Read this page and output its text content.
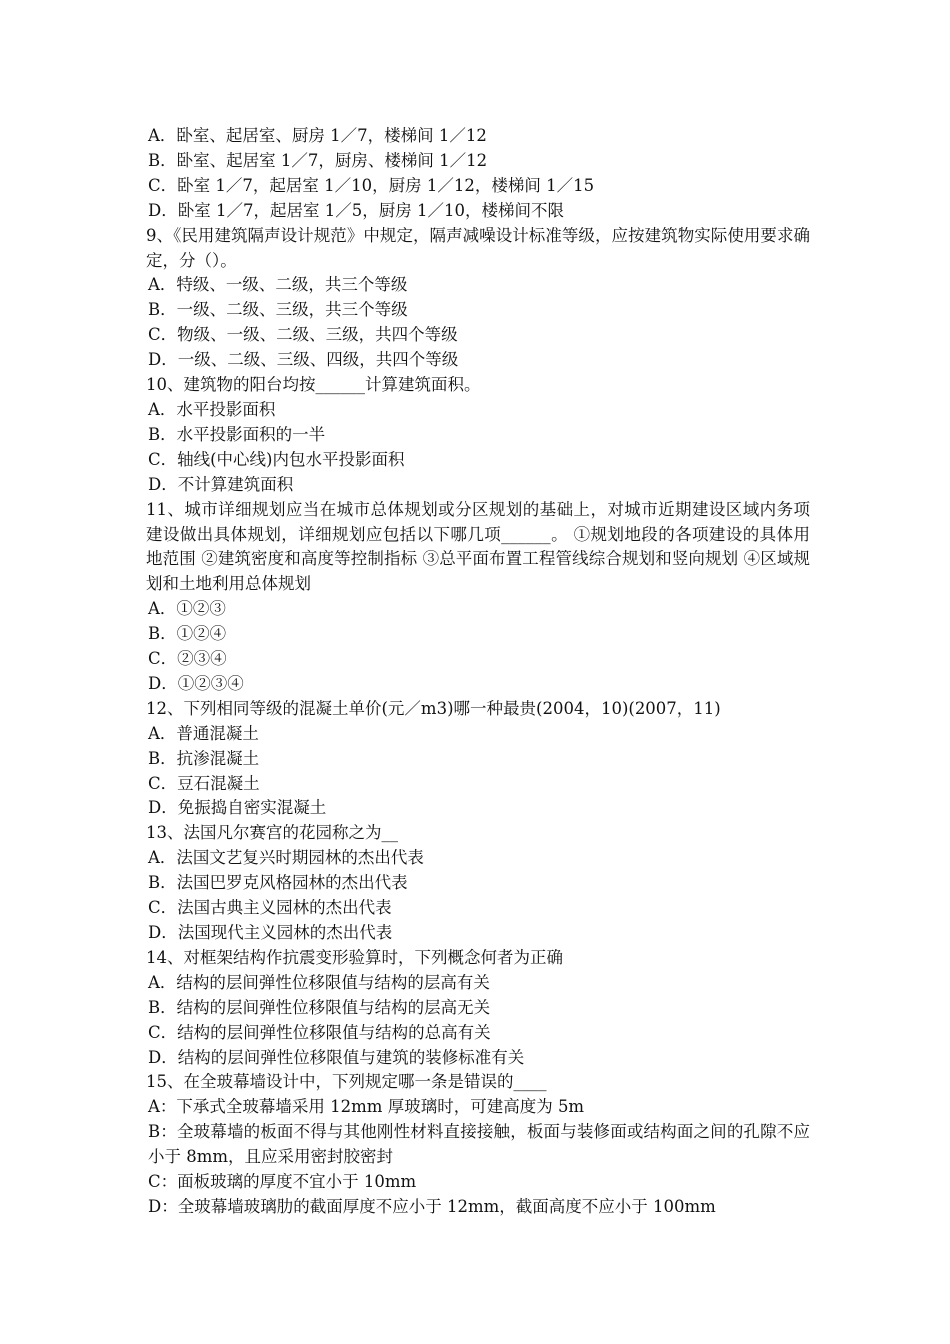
A．卧室、起居室、厨房 1／7，楼梯间 1／12
B．卧室、起居室 1／7，厨房、楼梯间 1／12
C．卧室 1／7，起居室 1／10，厨房 1／12，楼梯间 1／15
D．卧室 1／7，起居室 1／5，厨房 1／10，楼梯间不限
9、《民用建筑隔声设计规范》中规定，隔声减噪设计标准等级，应按建筑物实际使用要求确定，分（）。
A．特级、一级、二级，共三个等级
B．一级、二级、三级，共三个等级
C．物级、一级、二级、三级，共四个等级
D．一级、二级、三级、四级，共四个等级
10、建筑物的阳台均按______计算建筑面积。
A．水平投影面积
B．水平投影面积的一半
C．轴线(中心线)内包水平投影面积
D．不计算建筑面积
11、城市详细规划应当在城市总体规划或分区规划的基础上，对城市近期建设区域内务项建设做出具体规划，详细规划应包括以下哪几项______。 ①规划地段的各项建设的具体用地范围 ②建筑密度和高度等控制指标 ③总平面布置工程管线综合规划和竖向规划 ④区域规划和土地利用总体规划
A．①②③
B．①②④
C．②③④
D．①②③④
12、下列相同等级的混凝土单价(元／m3)哪一种最贵(2004，10)(2007，11)
A．普通混凝土
B．抗渗混凝土
C．豆石混凝土
D．免振捣自密实混凝土
13、法国凡尔赛宫的花园称之为__
A．法国文艺复兴时期园林的杰出代表
B．法国巴罗克风格园林的杰出代表
C．法国古典主义园林的杰出代表
D．法国现代主义园林的杰出代表
14、对框架结构作抗震变形验算时，下列概念何者为正确
A．结构的层间弹性位移限值与结构的层高有关
B．结构的层间弹性位移限值与结构的层高无关
C．结构的层间弹性位移限值与结构的总高有关
D．结构的层间弹性位移限值与建筑的装修标准有关
15、在全玻幕墙设计中，下列规定哪一条是错误的____
A：下承式全玻幕墙采用 12mm 厚玻璃时，可建高度为 5m
B：全玻幕墙的板面不得与其他刚性材料直接接触，板面与装修面或结构面之间的孔隙不应小于 8mm，且应采用密封胶密封
C：面板玻璃的厚度不宜小于 10mm
D：全玻幕墙玻璃肋的截面厚度不应小于 12mm，截面高度不应小于 100mm
